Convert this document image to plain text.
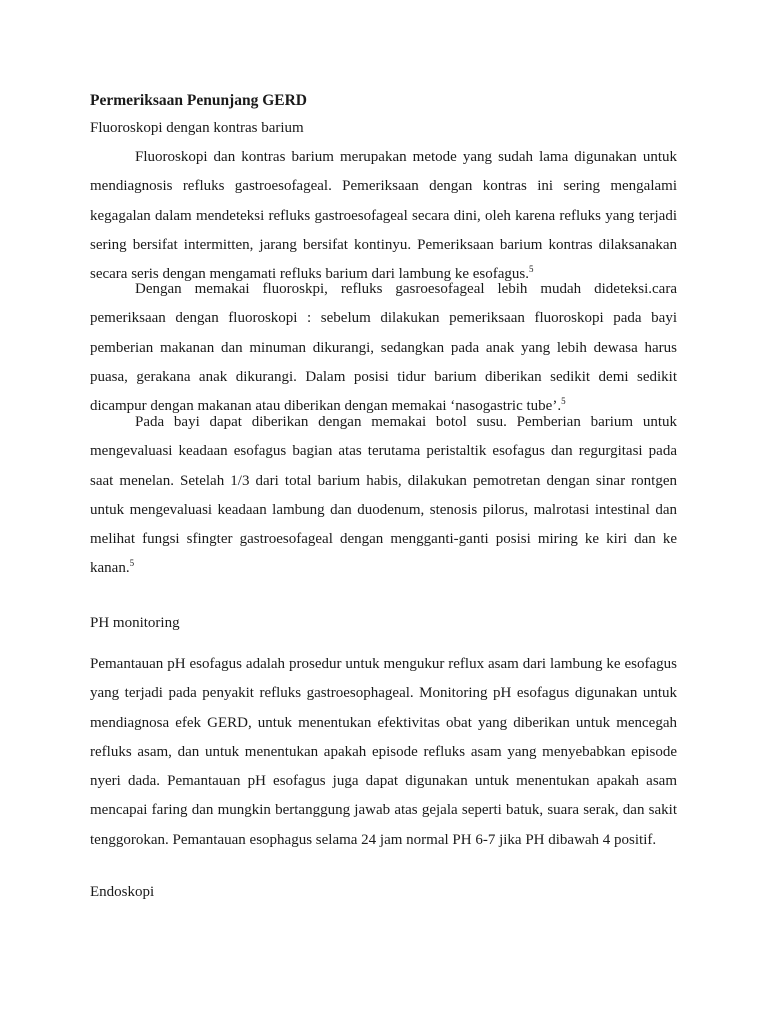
Permeriksaan Penunjang GERD
Fluoroskopi dengan kontras barium
Fluoroskopi dan kontras barium merupakan metode yang sudah lama digunakan untuk mendiagnosis refluks gastroesofageal. Pemeriksaan dengan kontras ini sering mengalami kegagalan dalam mendeteksi refluks gastroesofageal secara dini, oleh karena refluks yang terjadi sering bersifat intermitten, jarang bersifat kontinyu. Pemeriksaan barium kontras dilaksanakan secara seris dengan mengamati refluks barium dari lambung ke esofagus.$^5$
Dengan memakai fluoroskpi, refluks gasroesofageal lebih mudah dideteksi.cara pemeriksaan dengan fluoroskopi : sebelum dilakukan pemeriksaan fluoroskopi pada bayi pemberian makanan dan minuman dikurangi, sedangkan pada anak yang lebih dewasa harus puasa, gerakana anak dikurangi. Dalam posisi tidur barium diberikan sedikit demi sedikit dicampur dengan makanan atau diberikan dengan memakai ‘nasogastric tube’.$^5$
Pada bayi dapat diberikan dengan memakai botol susu. Pemberian barium untuk mengevaluasi keadaan esofagus bagian atas terutama peristaltik esofagus dan regurgitasi pada saat menelan. Setelah 1/3 dari total barium habis, dilakukan pemotretan dengan sinar rontgen untuk mengevaluasi keadaan lambung dan duodenum, stenosis pilorus, malrotasi intestinal dan melihat fungsi sfingter gastroesofageal dengan mengganti-ganti posisi miring ke kiri dan ke kanan.$^5$
PH monitoring
Pemantauan pH esofagus adalah prosedur untuk mengukur reflux asam dari lambung ke esofagus yang terjadi pada penyakit refluks gastroesophageal. Monitoring pH esofagus digunakan untuk mendiagnosa efek GERD, untuk menentukan efektivitas obat yang diberikan untuk mencegah refluks asam, dan untuk menentukan apakah episode refluks asam yang menyebabkan episode nyeri dada. Pemantauan pH esofagus juga dapat digunakan untuk menentukan apakah asam mencapai faring dan mungkin bertanggung jawab atas gejala seperti batuk, suara serak, dan sakit tenggorokan. Pemantauan esophagus selama 24 jam normal PH 6-7 jika PH dibawah 4 positif.
Endoskopi
